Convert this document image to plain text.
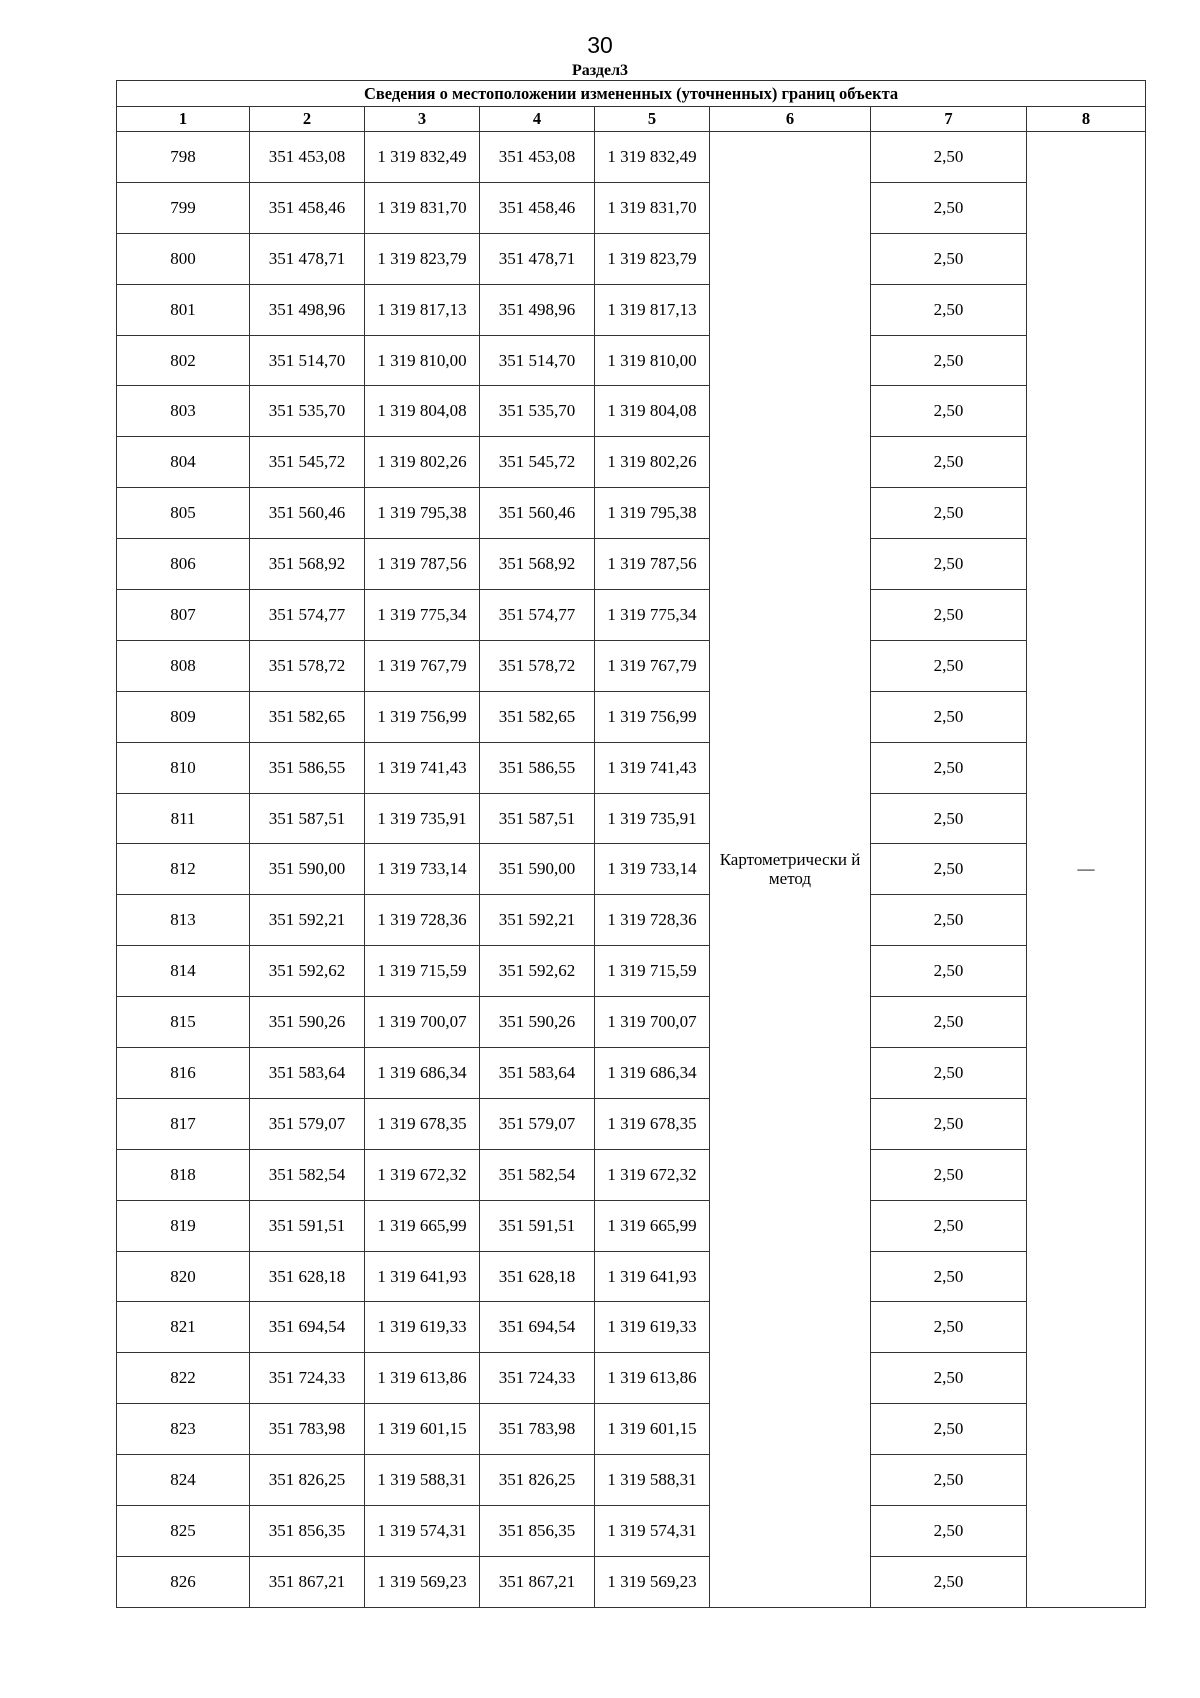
30
Раздел3
Сведения о местоположении измененных (уточненных) границ объекта							
1	2	3	4	5	6	7	8
798	351 453,08	1 319 832,49	351 453,08	1 319 832,49	Картометрически й метод	2,50	—
799	351 458,46	1 319 831,70	351 458,46	1 319 831,70		2,50	
800	351 478,71	1 319 823,79	351 478,71	1 319 823,79		2,50	
801	351 498,96	1 319 817,13	351 498,96	1 319 817,13		2,50	
802	351 514,70	1 319 810,00	351 514,70	1 319 810,00		2,50	
803	351 535,70	1 319 804,08	351 535,70	1 319 804,08		2,50	
804	351 545,72	1 319 802,26	351 545,72	1 319 802,26		2,50	
805	351 560,46	1 319 795,38	351 560,46	1 319 795,38		2,50	
806	351 568,92	1 319 787,56	351 568,92	1 319 787,56		2,50	
807	351 574,77	1 319 775,34	351 574,77	1 319 775,34		2,50	
808	351 578,72	1 319 767,79	351 578,72	1 319 767,79		2,50	
809	351 582,65	1 319 756,99	351 582,65	1 319 756,99		2,50	
810	351 586,55	1 319 741,43	351 586,55	1 319 741,43		2,50	
811	351 587,51	1 319 735,91	351 587,51	1 319 735,91		2,50	
812	351 590,00	1 319 733,14	351 590,00	1 319 733,14		2,50	
813	351 592,21	1 319 728,36	351 592,21	1 319 728,36		2,50	
814	351 592,62	1 319 715,59	351 592,62	1 319 715,59		2,50	
815	351 590,26	1 319 700,07	351 590,26	1 319 700,07		2,50	
816	351 583,64	1 319 686,34	351 583,64	1 319 686,34		2,50	
817	351 579,07	1 319 678,35	351 579,07	1 319 678,35		2,50	
818	351 582,54	1 319 672,32	351 582,54	1 319 672,32		2,50	
819	351 591,51	1 319 665,99	351 591,51	1 319 665,99		2,50	
820	351 628,18	1 319 641,93	351 628,18	1 319 641,93		2,50	
821	351 694,54	1 319 619,33	351 694,54	1 319 619,33		2,50	
822	351 724,33	1 319 613,86	351 724,33	1 319 613,86		2,50	
823	351 783,98	1 319 601,15	351 783,98	1 319 601,15		2,50	
824	351 826,25	1 319 588,31	351 826,25	1 319 588,31		2,50	
825	351 856,35	1 319 574,31	351 856,35	1 319 574,31		2,50	
826	351 867,21	1 319 569,23	351 867,21	1 319 569,23		2,50	
